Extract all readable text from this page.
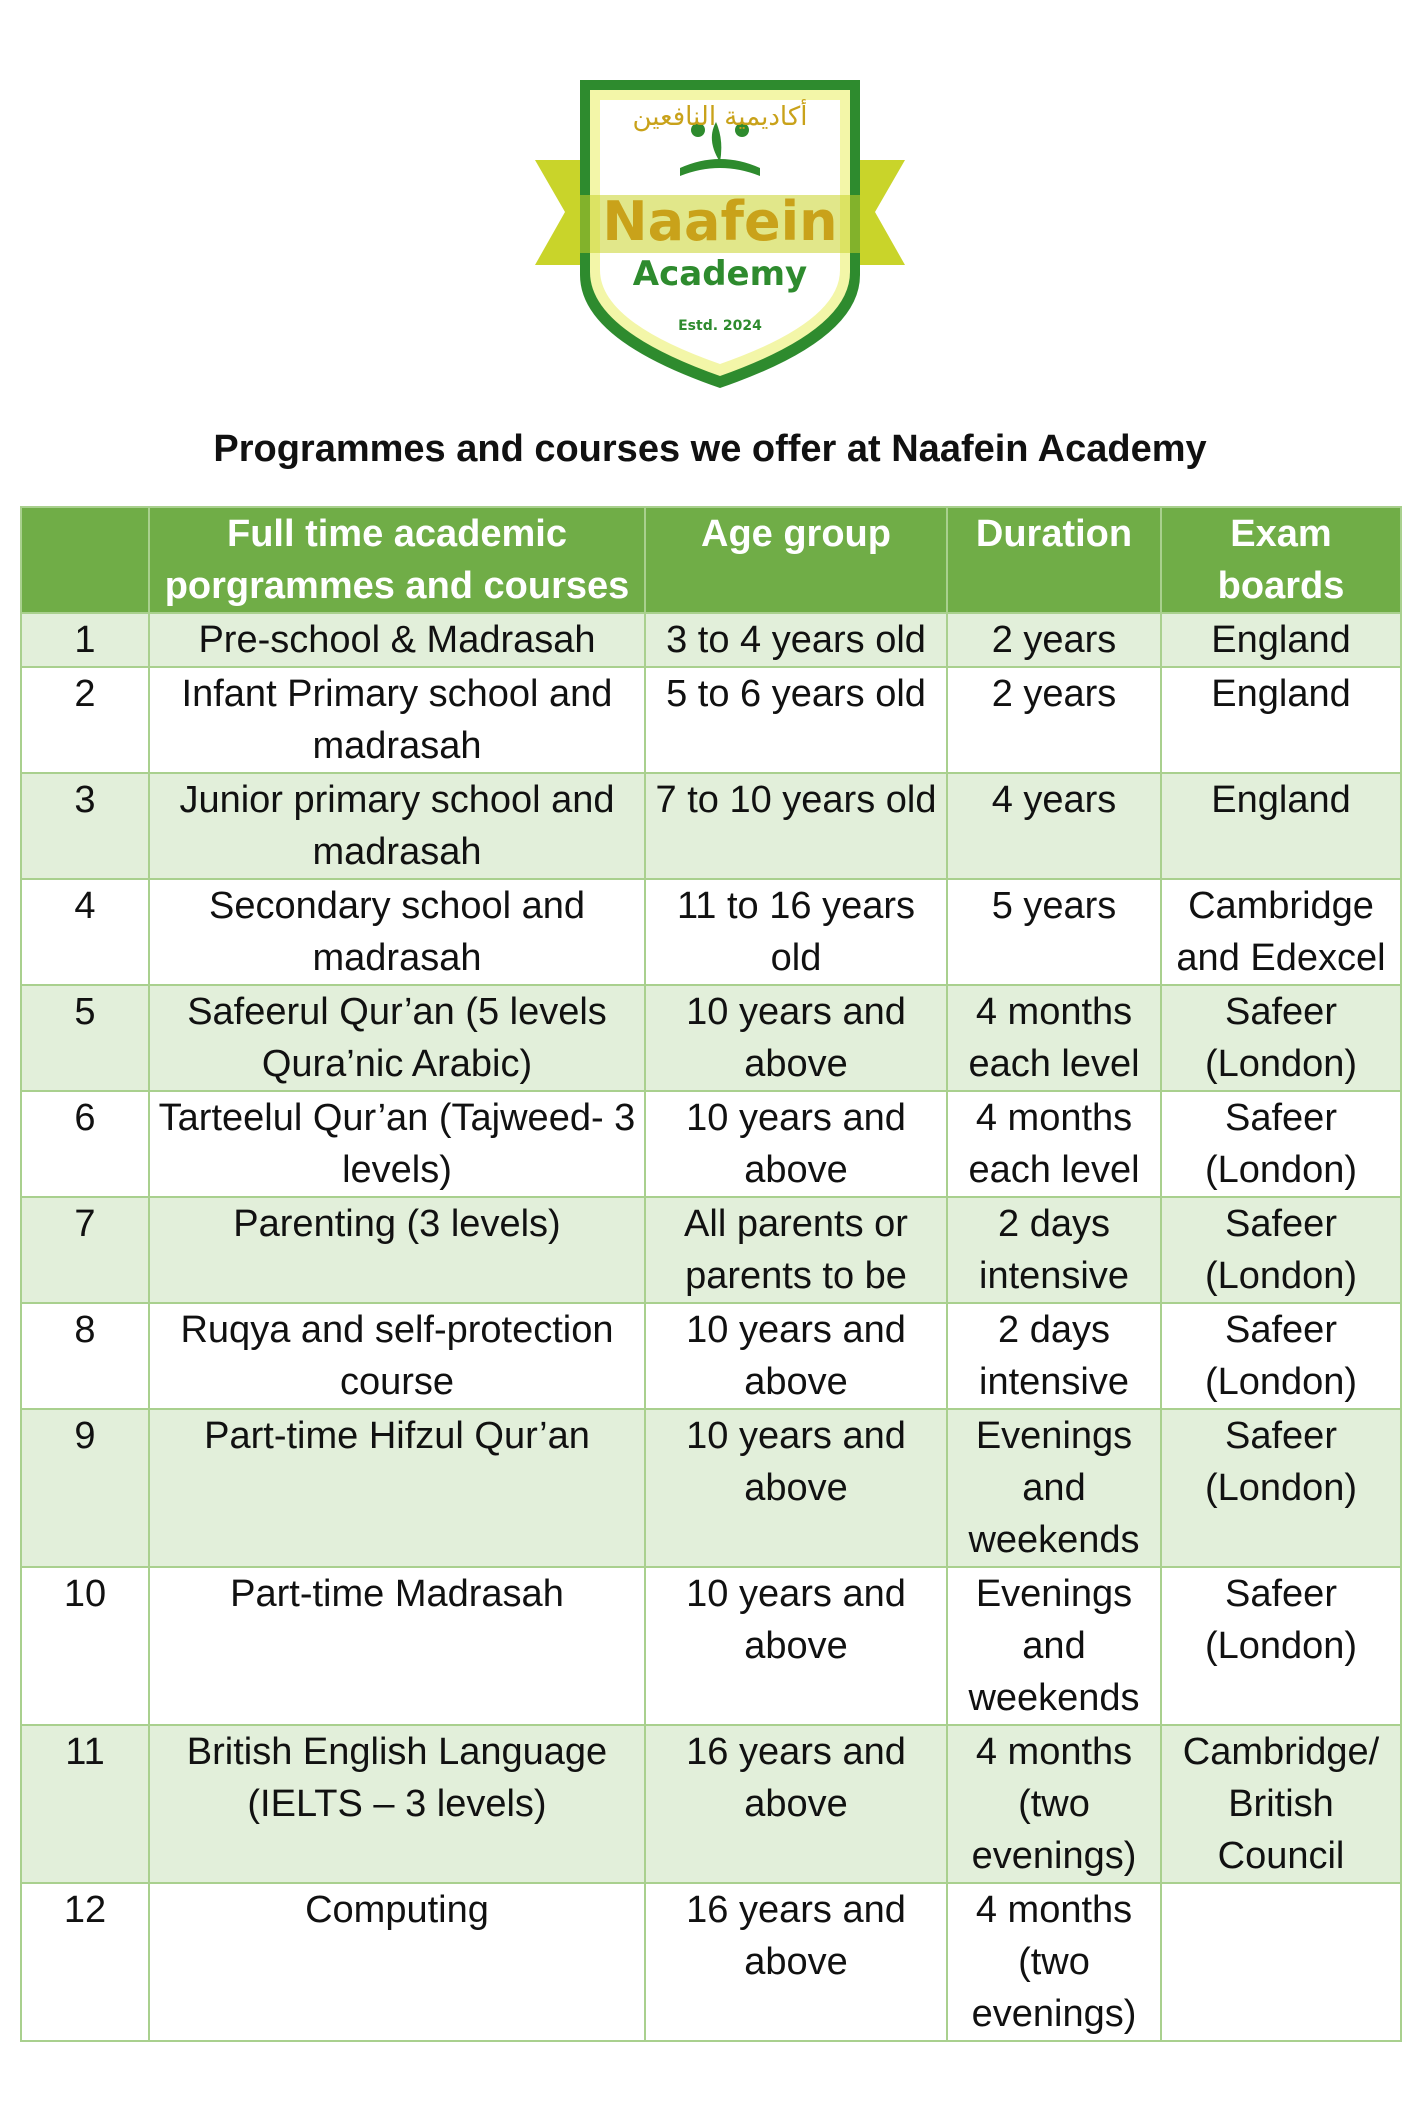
أكاديمية النافعين
Naafein
Academy
Estd. 2024
Programmes and courses we offer at Naafein Academy
	Full time academic porgrammes and courses	Age group	Duration	Exam boards
1	Pre-school & Madrasah	3 to 4 years old	2 years	England
2	Infant Primary school and madrasah	5 to 6 years old	2 years	England
3	Junior primary school and madrasah	7 to 10 years old	4 years	England
4	Secondary school and madrasah	11 to 16 years old	5 years	Cambridge and Edexcel
5	Safeerul Qur’an (5 levels Qura’nic Arabic)	10 years and above	4 months each level	Safeer (London)
6	Tarteelul Qur’an (Tajweed- 3 levels)	10 years and above	4 months each level	Safeer (London)
7	Parenting (3 levels)	All parents or parents to be	2 days intensive	Safeer (London)
8	Ruqya and self-protection course	10 years and above	2 days intensive	Safeer (London)
9	Part-time Hifzul Qur’an	10 years and above	Evenings and weekends	Safeer (London)
10	Part-time Madrasah	10 years and above	Evenings and weekends	Safeer (London)
11	British English Language (IELTS – 3 levels)	16 years and above	4 months (two evenings)	Cambridge/ British Council
12	Computing	16 years and above	4 months (two evenings)	
